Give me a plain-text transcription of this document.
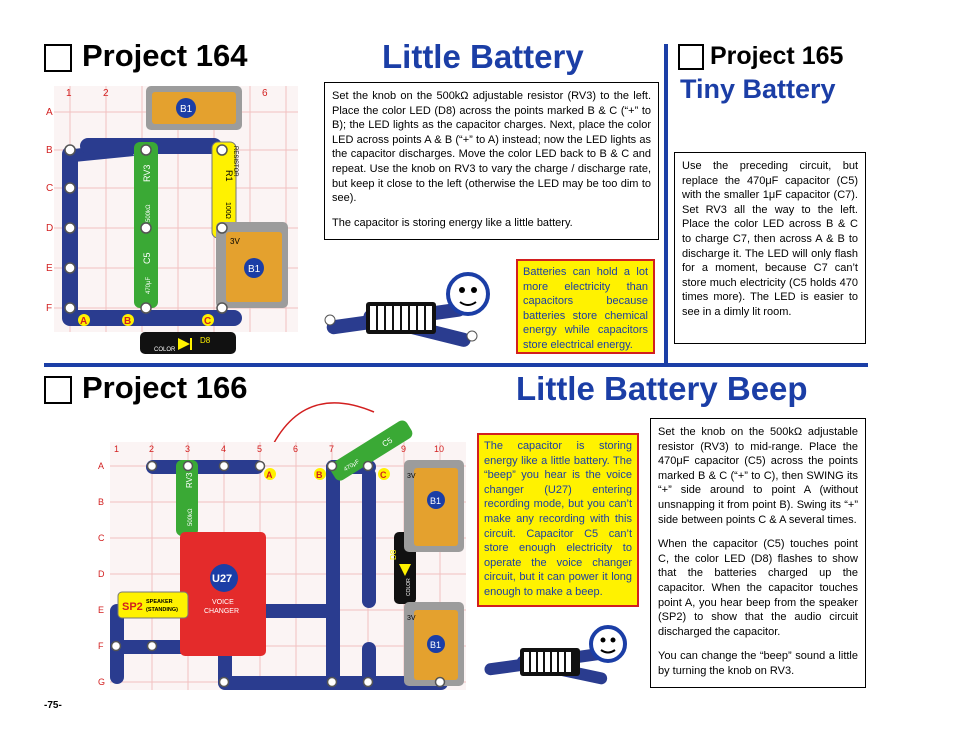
Project 164	Little Battery
1	2	6
A
B
C
D
E
F
B1
RV3
500kΩ
C5
470μF
R1
RESISTOR
100Ω
B1
3V
A	B	C
D8
COLOR

Set the knob on the 500kΩ adjustable resistor (RV3) to the left. Place the color LED (D8) across the points marked B & C (“+” to B); the LED lights as the capacitor charges. Next, place the color LED across points A & B (“+” to A) instead; now the LED lights as the capacitor discharges. Move the color LED back to B & C and repeat. Use the knob on RV3 to vary the charge / discharge rate, but keep it close to the left (otherwise the LED may be too dim to see).

The capacitor is storing energy like a little battery.

Batteries can hold a lot more electricity than capacitors because batteries store chemical energy while capacitors store electrical energy.
Project 165
Tiny Battery
Use the preceding circuit, but replace the 470μF capacitor (C5) with the smaller 1μF capacitor (C7). Set RV3 all the way to the left. Place the color LED across B & C to charge C7, then across A & B to discharge it. The LED will only flash for a moment, because C7 can’t store much electricity (C5 holds 470 times more). The LED is easier to see in a dimly lit room.
Project 166	Little Battery Beep
1	2	3	4	5	6	7	9	10
A
B
C
D
E
F
G
RV3
500kΩ
470μF
C5
U27
VOICE
CHANGER
SP2 SPEAKER
(STANDING)
D8
COLOR
B1
3V
B1
3V
A	B	C
The capacitor is storing energy like a little battery. The “beep” you hear is the voice changer (U27) entering recording mode, but you can’t make any recording with this circuit. Capacitor C5 can’t store enough electricity to operate the voice changer circuit, but it can power it long enough to make a beep.

Set the knob on the 500kΩ adjustable resistor (RV3) to mid-range. Place the 470μF capacitor (C5) across the points marked B & C (“+” to C), then SWING its “+” side around to point A (without unsnapping it from point B). Swing its “+” side between points C & A several times.

When the capacitor (C5) touches point C, the color LED (D8) flashes to show that the batteries charged up the capacitor. When the capacitor touches point A, you hear beep from the speaker (SP2) to show that the audio circuit discharged the capacitor.

You can change the “beep” sound a little by turning the knob on RV3.

-75-
